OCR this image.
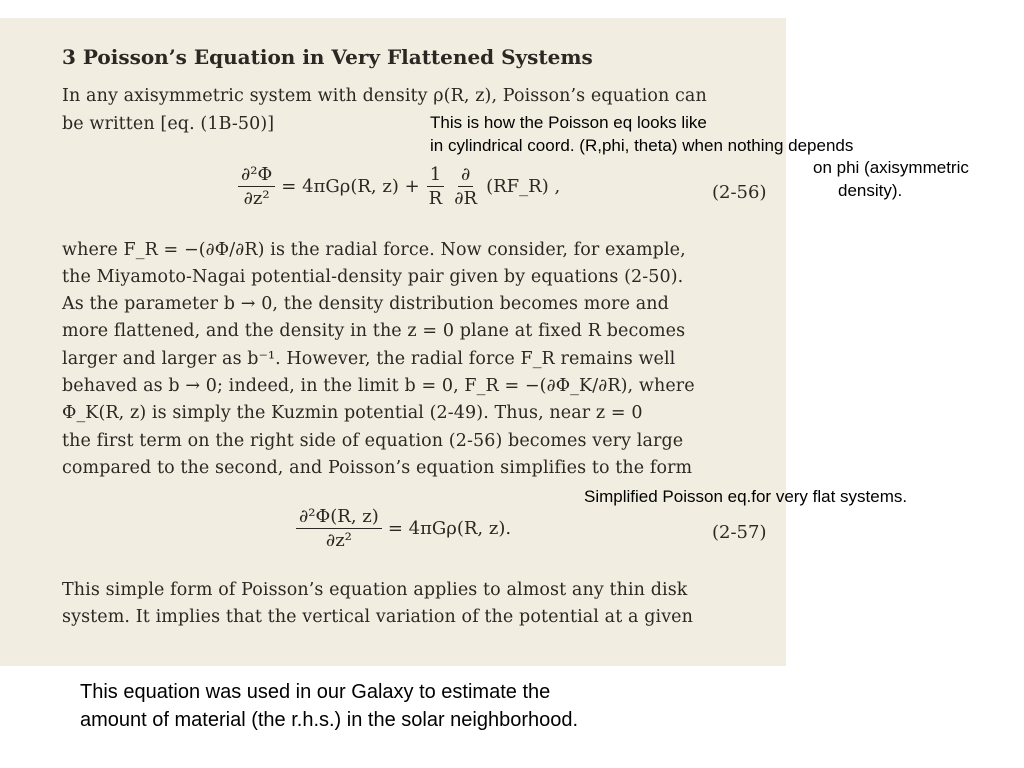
3 Poisson’s Equation in Very Flattened Systems
In any axisymmetric system with density ρ(R, z), Poisson’s equation can
be written [eq. (1B-50)]
$\frac{\text{∂²Φ}}{\text{∂z²}} = 4\pi G\rho(R$, $z) + \frac{1}{R} \frac{\partial}{\partial R}$ (RF_R) ,	(2-56)
where F_R = −(∂Φ/∂R) is the radial force. Now consider, for example,
the Miyamoto-Nagai potential-density pair given by equations (2-50).
As the parameter b → 0, the density distribution becomes more and
more flattened, and the density in the z = 0 plane at fixed R becomes
larger and larger as b⁻¹. However, the radial force F_R remains well
behaved as b → 0; indeed, in the limit b = 0, F_R = −(∂Φ_K/∂R), where
Φ_K(R, z) is simply the Kuzmin potential (2-49). Thus, near z = 0
the first term on the right side of equation (2-56) becomes very large
compared to the second, and Poisson’s equation simplifies to the form
$\frac{\text{∂²Φ(R, z)}}{\text{∂z²}} = 4\pi G\rho(R$, z).	(2-57)
This simple form of Poisson’s equation applies to almost any thin disk
system. It implies that the vertical variation of the potential at a given
This is how the Poisson eq looks like
in cylindrical coord. (R,phi, theta) when nothing depends
on phi (axisymmetric
density).
Simplified Poisson eq.for very flat systems.
This equation was used in our Galaxy to estimate the
amount of material (the r.h.s.) in the solar neighborhood.
